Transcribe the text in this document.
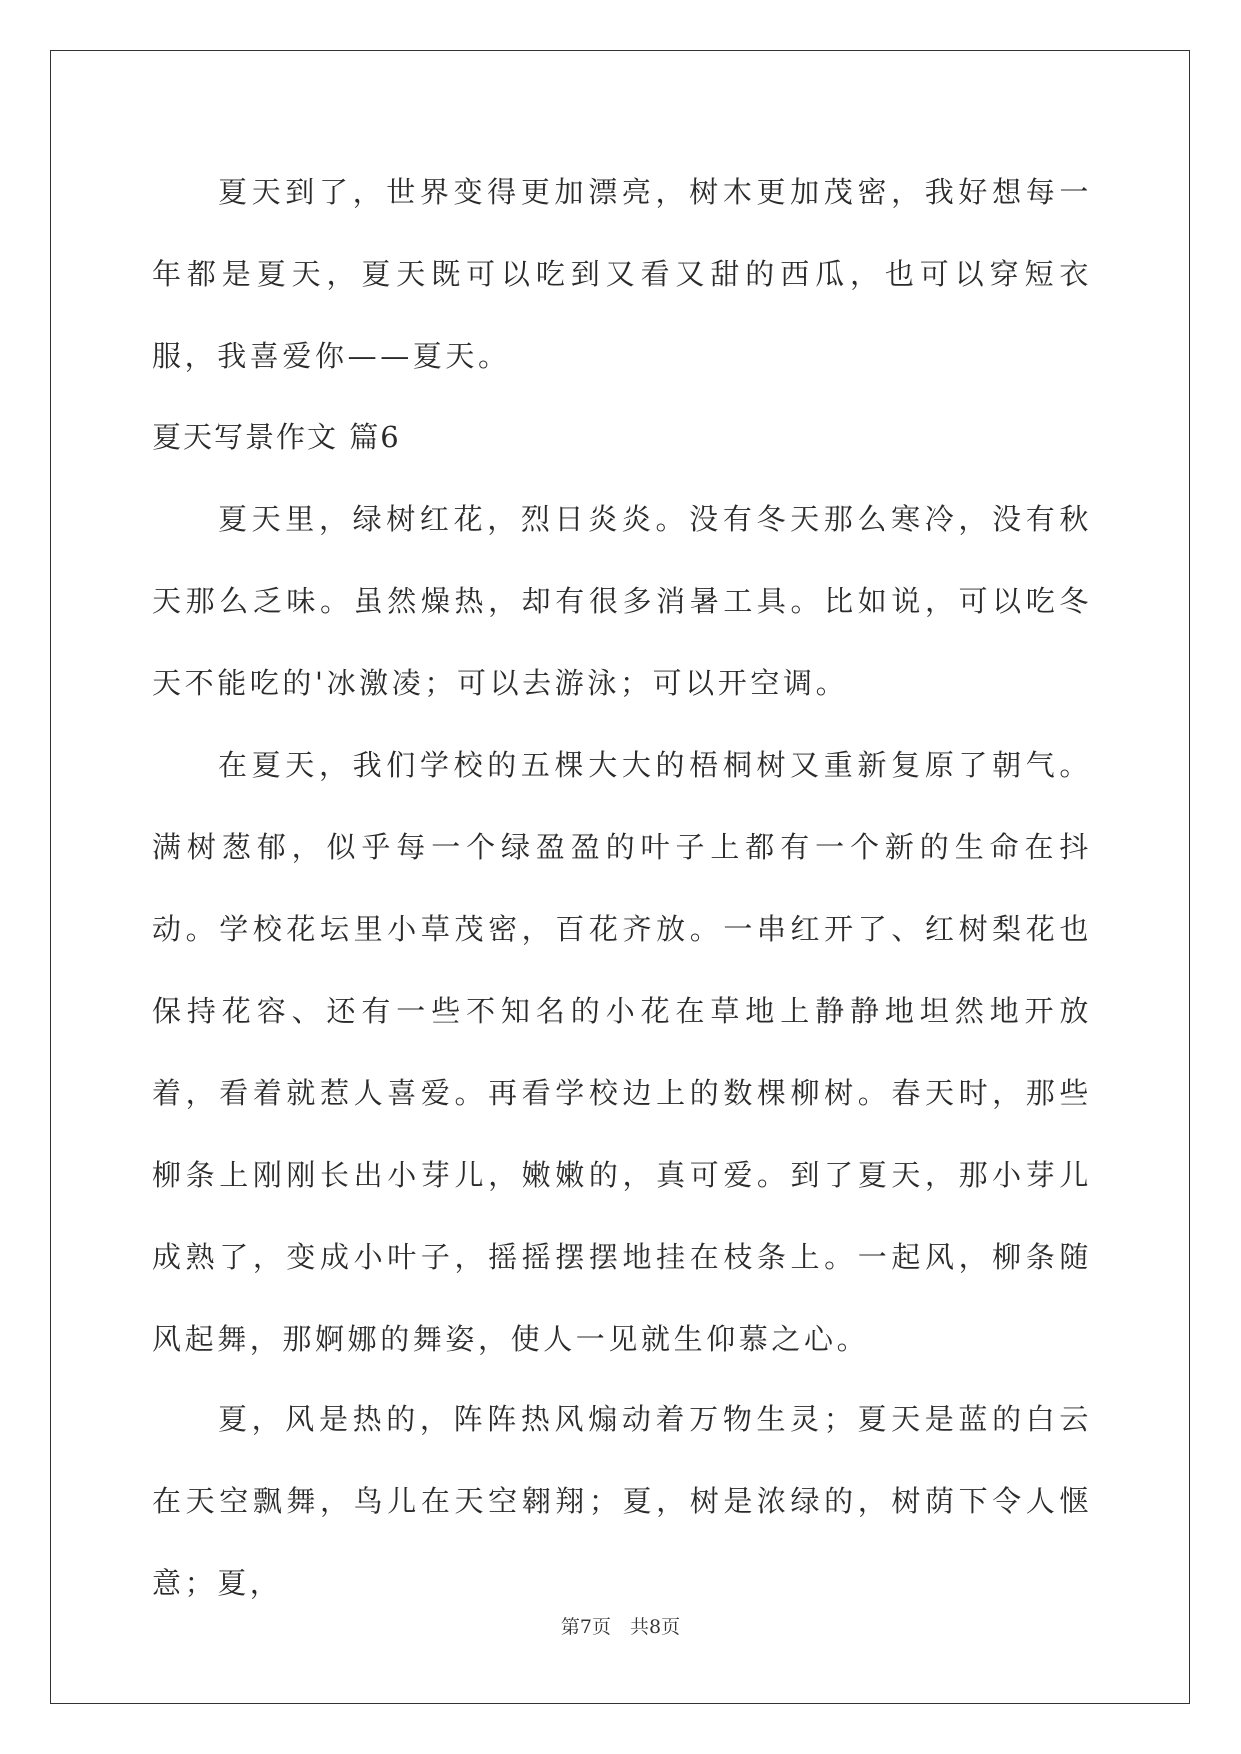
夏天到了，世界变得更加漂亮，树木更加茂密，我好想每一年都是夏天，夏天既可以吃到又看又甜的西瓜，也可以穿短衣服，我喜爱你——夏天。
夏天写景作文 篇6
夏天里，绿树红花，烈日炎炎。没有冬天那么寒冷，没有秋天那么乏味。虽然燥热，却有很多消暑工具。比如说，可以吃冬天不能吃的'冰激凌；可以去游泳；可以开空调。
在夏天，我们学校的五棵大大的梧桐树又重新复原了朝气。满树葱郁，似乎每一个绿盈盈的叶子上都有一个新的生命在抖动。学校花坛里小草茂密，百花齐放。一串红开了、红树梨花也保持花容、还有一些不知名的小花在草地上静静地坦然地开放着，看着就惹人喜爱。再看学校边上的数棵柳树。春天时，那些柳条上刚刚长出小芽儿，嫩嫩的，真可爱。到了夏天，那小芽儿成熟了，变成小叶子，摇摇摆摆地挂在枝条上。一起风，柳条随风起舞，那婀娜的舞姿，使人一见就生仰慕之心。
夏，风是热的，阵阵热风煽动着万物生灵；夏天是蓝的白云在天空飘舞，鸟儿在天空翱翔；夏，树是浓绿的，树荫下令人惬意；夏，
第7页　共8页
